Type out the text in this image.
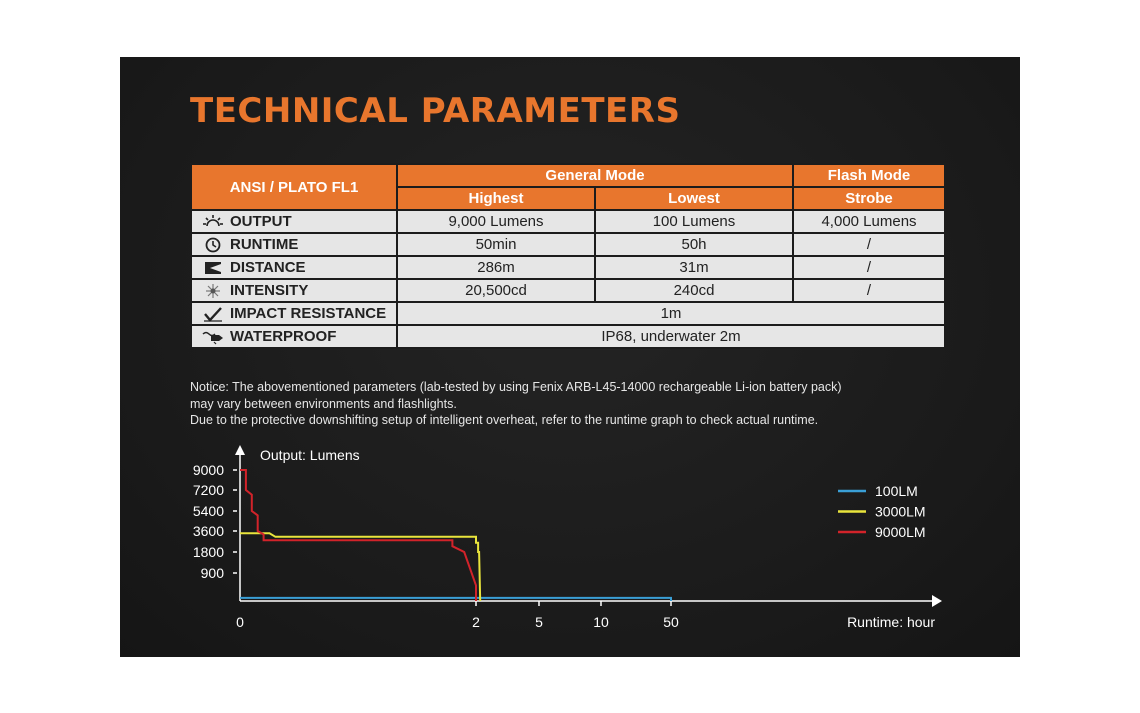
TECHNICAL PARAMETERS
ANSI / PLATO FL1	General Mode		Flash Mode
	Highest	Lowest	Strobe

OUTPUT	9,000 Lumens	100 Lumens	4,000 Lumens

RUNTIME	50min	50h	/

DISTANCE	286m	31m	/

INTENSITY	20,500cd	240cd	/

IMPACT RESISTANCE	1m		

WATERPROOF	IP68, underwater 2m		
Notice: The abovementioned parameters (lab-tested by using Fenix ARB-L45-14000 rechargeable Li-ion battery pack)
may vary between environments and flashlights.
Due to the protective downshifting setup of intelligent overheat, refer to the runtime graph to check actual runtime.
Output: Lumens
Runtime: hour
9000
7200
5400
3600
1800
900
0	2	5	10	50
100LM
3000LM
9000LM
